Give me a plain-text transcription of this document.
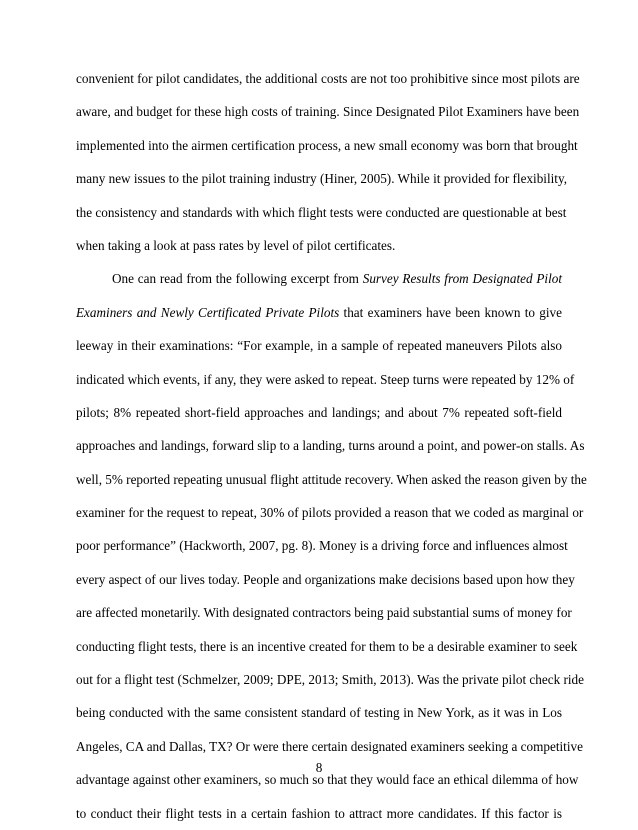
convenient for pilot candidates, the additional costs are not too prohibitive since most pilots are
aware, and budget for these high costs of training. Since Designated Pilot Examiners have been
implemented into the airmen certification process, a new small economy was born that brought
many new issues to the pilot training industry (Hiner, 2005). While it provided for flexibility,
the consistency and standards with which flight tests were conducted are questionable at best
when taking a look at pass rates by level of pilot certificates.
One can read from the following excerpt from Survey Results from Designated Pilot
Examiners and Newly Certificated Private Pilots that examiners have been known to give
leeway in their examinations: “For example, in a sample of repeated maneuvers Pilots also
indicated which events, if any, they were asked to repeat. Steep turns were repeated by 12% of
pilots; 8% repeated short-field approaches and landings; and about 7% repeated soft-field
approaches and landings, forward slip to a landing, turns around a point, and power-on stalls. As
well, 5% reported repeating unusual flight attitude recovery. When asked the reason given by the
examiner for the request to repeat, 30% of pilots provided a reason that we coded as marginal or
poor performance” (Hackworth, 2007, pg. 8). Money is a driving force and influences almost
every aspect of our lives today. People and organizations make decisions based upon how they
are affected monetarily. With designated contractors being paid substantial sums of money for
conducting flight tests, there is an incentive created for them to be a desirable examiner to seek
out for a flight test (Schmelzer, 2009; DPE, 2013; Smith, 2013). Was the private pilot check ride
being conducted with the same consistent standard of testing in New York, as it was in Los
Angeles, CA and Dallas, TX? Or were there certain designated examiners seeking a competitive
advantage against other examiners, so much so that they would face an ethical dilemma of how
to conduct their flight tests in a certain fashion to attract more candidates. If this factor is
8
